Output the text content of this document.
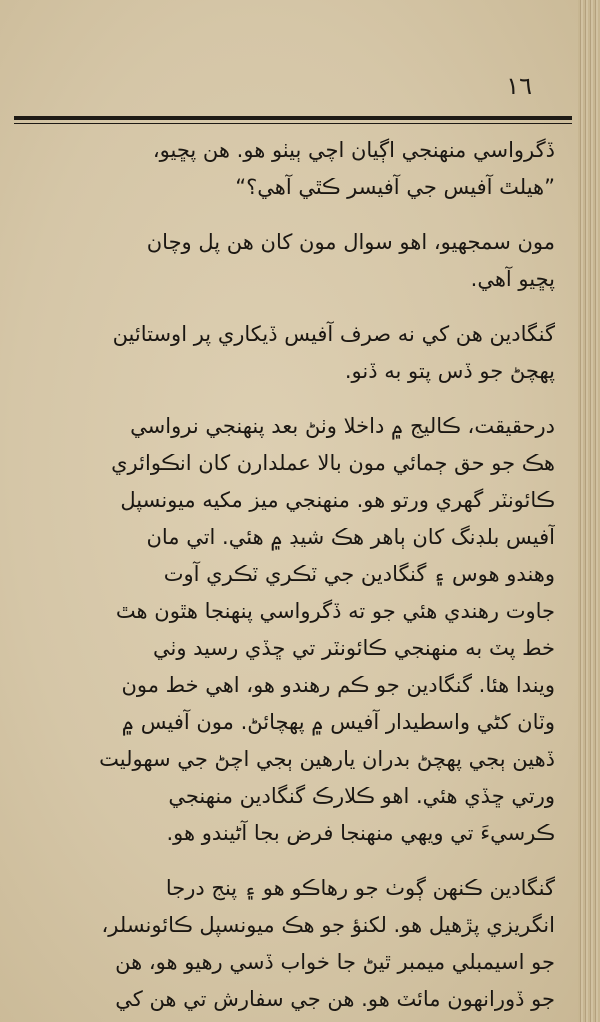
١٦
ڏگرواسي منهنجي اڳيان اچي ٻيٺو هو. هن پڇيو،
”هيلٿ آفيس جي آفيسر ڪٿي آهي؟“
مون سمجهيو، اهو سوال مون کان هن پل وچان
پڇيو آهي.
گنگادين هن کي نه صرف آفيس ڏيکاري پر اوستائين
پهچڻ جو ڏس پتو به ڏنو.
درحقيقت، ڪاليج ۾ داخلا وٺڻ بعد پنهنجي نرواسي
هڪ جو حق ڄمائي مون بالا عملدارن کان انڪوائري
ڪائونٽر گهري ورتو هو. منهنجي ميز مکيه ميونسپل
آفيس بلڊنگ کان ٻاهر هڪ شيڊ ۾ هئي. اتي مان
وهندو هوس ۽ گنگادين جي ٽڪري ٽڪري آوت
جاوت رهندي هئي جو ته ڏگرواسي پنهنجا هٿون هٿ
خط پٽ به منهنجي ڪائونٽر تي ڇڏي رسيد وٺي
ويندا هئا. گنگادين جو ڪم رهندو هو، اهي خط مون
وٽان کڻي واسطيدار آفيس ۾ پهچائڻ. مون آفيس ۾
ڏهين ٻجي پهچڻ بدران يارهين ٻجي اچڻ جي سهوليت
ورتي ڇڏي هئي. اهو ڪلارڪ گنگادين منهنجي
ڪرسيءَ تي ويهي منهنجا فرض بجا آڻيندو هو.
گنگادين ڪنهن ڳوٺ جو رهاڪو هو ۽ پنج درجا
انگريزي پڙهيل هو. لکنؤ جو هڪ ميونسپل ڪائونسلر،
جو اسيمبلي ميمبر ٿيڻ جا خواب ڏسي رهيو هو، هن
جو ڏورانهون مائٽ هو. هن جي سفارش تي هن کي
